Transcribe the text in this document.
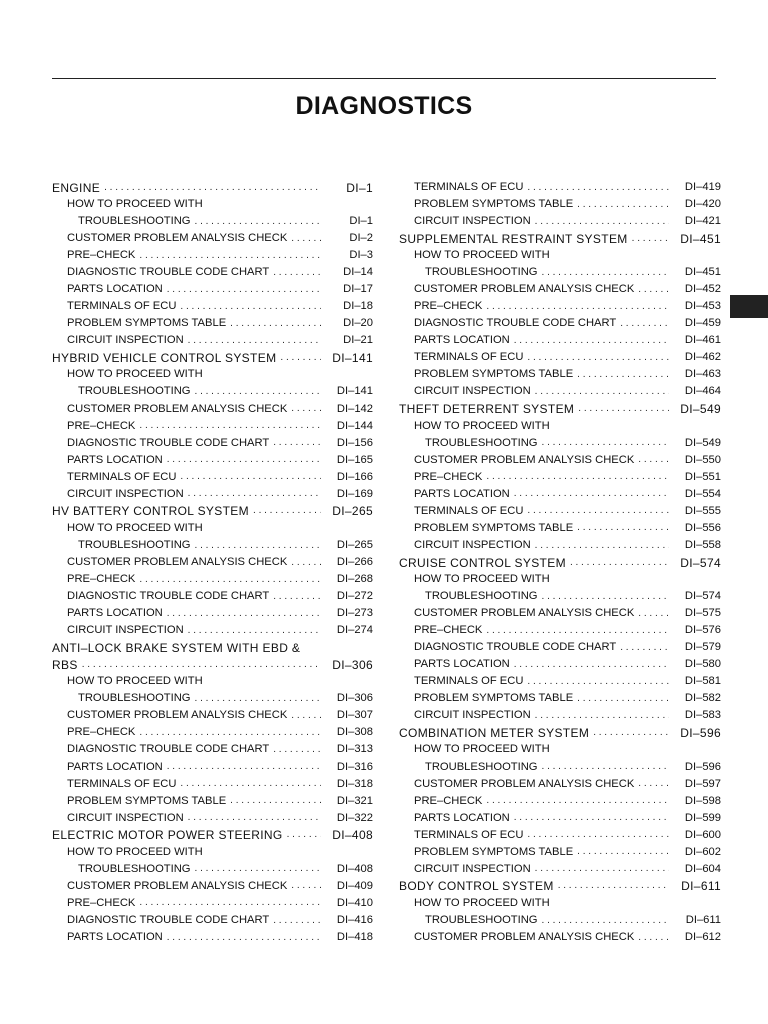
DIAGNOSTICS
ENGINE . . .	DI–1
HOW TO PROCEED WITH
TROUBLESHOOTING . . .	DI–1
CUSTOMER PROBLEM ANALYSIS CHECK . . .	DI–2
PRE–CHECK . . .	DI–3
DIAGNOSTIC TROUBLE CODE CHART . . .	DI–14
PARTS LOCATION . . .	DI–17
TERMINALS OF ECU . . .	DI–18
PROBLEM SYMPTOMS TABLE . . .	DI–20
CIRCUIT INSPECTION . . .	DI–21
HYBRID VEHICLE CONTROL SYSTEM . . .	DI–141
HOW TO PROCEED WITH
TROUBLESHOOTING . . .	DI–141
CUSTOMER PROBLEM ANALYSIS CHECK . . .	DI–142
PRE–CHECK . . .	DI–144
DIAGNOSTIC TROUBLE CODE CHART . . .	DI–156
PARTS LOCATION . . .	DI–165
TERMINALS OF ECU . . .	DI–166
CIRCUIT INSPECTION . . .	DI–169
HV BATTERY CONTROL SYSTEM . . .	DI–265
HOW TO PROCEED WITH
TROUBLESHOOTING . . .	DI–265
CUSTOMER PROBLEM ANALYSIS CHECK . . .	DI–266
PRE–CHECK . . .	DI–268
DIAGNOSTIC TROUBLE CODE CHART . . .	DI–272
PARTS LOCATION . . .	DI–273
CIRCUIT INSPECTION . . .	DI–274
ANTI–LOCK BRAKE SYSTEM WITH EBD &
RBS . . .	DI–306
HOW TO PROCEED WITH
TROUBLESHOOTING . . .	DI–306
CUSTOMER PROBLEM ANALYSIS CHECK . . .	DI–307
PRE–CHECK . . .	DI–308
DIAGNOSTIC TROUBLE CODE CHART . . .	DI–313
PARTS LOCATION . . .	DI–316
TERMINALS OF ECU . . .	DI–318
PROBLEM SYMPTOMS TABLE . . .	DI–321
CIRCUIT INSPECTION . . .	DI–322
ELECTRIC MOTOR POWER STEERING . . .	DI–408
HOW TO PROCEED WITH
TROUBLESHOOTING . . .	DI–408
CUSTOMER PROBLEM ANALYSIS CHECK . . .	DI–409
PRE–CHECK . . .	DI–410
DIAGNOSTIC TROUBLE CODE CHART . . .	DI–416
PARTS LOCATION . . .	DI–418
TERMINALS OF ECU . . .	DI–419
PROBLEM SYMPTOMS TABLE . . .	DI–420
CIRCUIT INSPECTION . . .	DI–421
SUPPLEMENTAL RESTRAINT SYSTEM . . .	DI–451
HOW TO PROCEED WITH
TROUBLESHOOTING . . .	DI–451
CUSTOMER PROBLEM ANALYSIS CHECK . . .	DI–452
PRE–CHECK . . .	DI–453
DIAGNOSTIC TROUBLE CODE CHART . . .	DI–459
PARTS LOCATION . . .	DI–461
TERMINALS OF ECU . . .	DI–462
PROBLEM SYMPTOMS TABLE . . .	DI–463
CIRCUIT INSPECTION . . .	DI–464
THEFT DETERRENT SYSTEM . . .	DI–549
HOW TO PROCEED WITH
TROUBLESHOOTING . . .	DI–549
CUSTOMER PROBLEM ANALYSIS CHECK . . .	DI–550
PRE–CHECK . . .	DI–551
PARTS LOCATION . . .	DI–554
TERMINALS OF ECU . . .	DI–555
PROBLEM SYMPTOMS TABLE . . .	DI–556
CIRCUIT INSPECTION . . .	DI–558
CRUISE CONTROL SYSTEM . . .	DI–574
HOW TO PROCEED WITH
TROUBLESHOOTING . . .	DI–574
CUSTOMER PROBLEM ANALYSIS CHECK . . .	DI–575
PRE–CHECK . . .	DI–576
DIAGNOSTIC TROUBLE CODE CHART . . .	DI–579
PARTS LOCATION . . .	DI–580
TERMINALS OF ECU . . .	DI–581
PROBLEM SYMPTOMS TABLE . . .	DI–582
CIRCUIT INSPECTION . . .	DI–583
COMBINATION METER SYSTEM . . .	DI–596
HOW TO PROCEED WITH
TROUBLESHOOTING . . .	DI–596
CUSTOMER PROBLEM ANALYSIS CHECK . . .	DI–597
PRE–CHECK . . .	DI–598
PARTS LOCATION . . .	DI–599
TERMINALS OF ECU . . .	DI–600
PROBLEM SYMPTOMS TABLE . . .	DI–602
CIRCUIT INSPECTION . . .	DI–604
BODY CONTROL SYSTEM . . .	DI–611
HOW TO PROCEED WITH
TROUBLESHOOTING . . .	DI–611
CUSTOMER PROBLEM ANALYSIS CHECK . . .	DI–612
